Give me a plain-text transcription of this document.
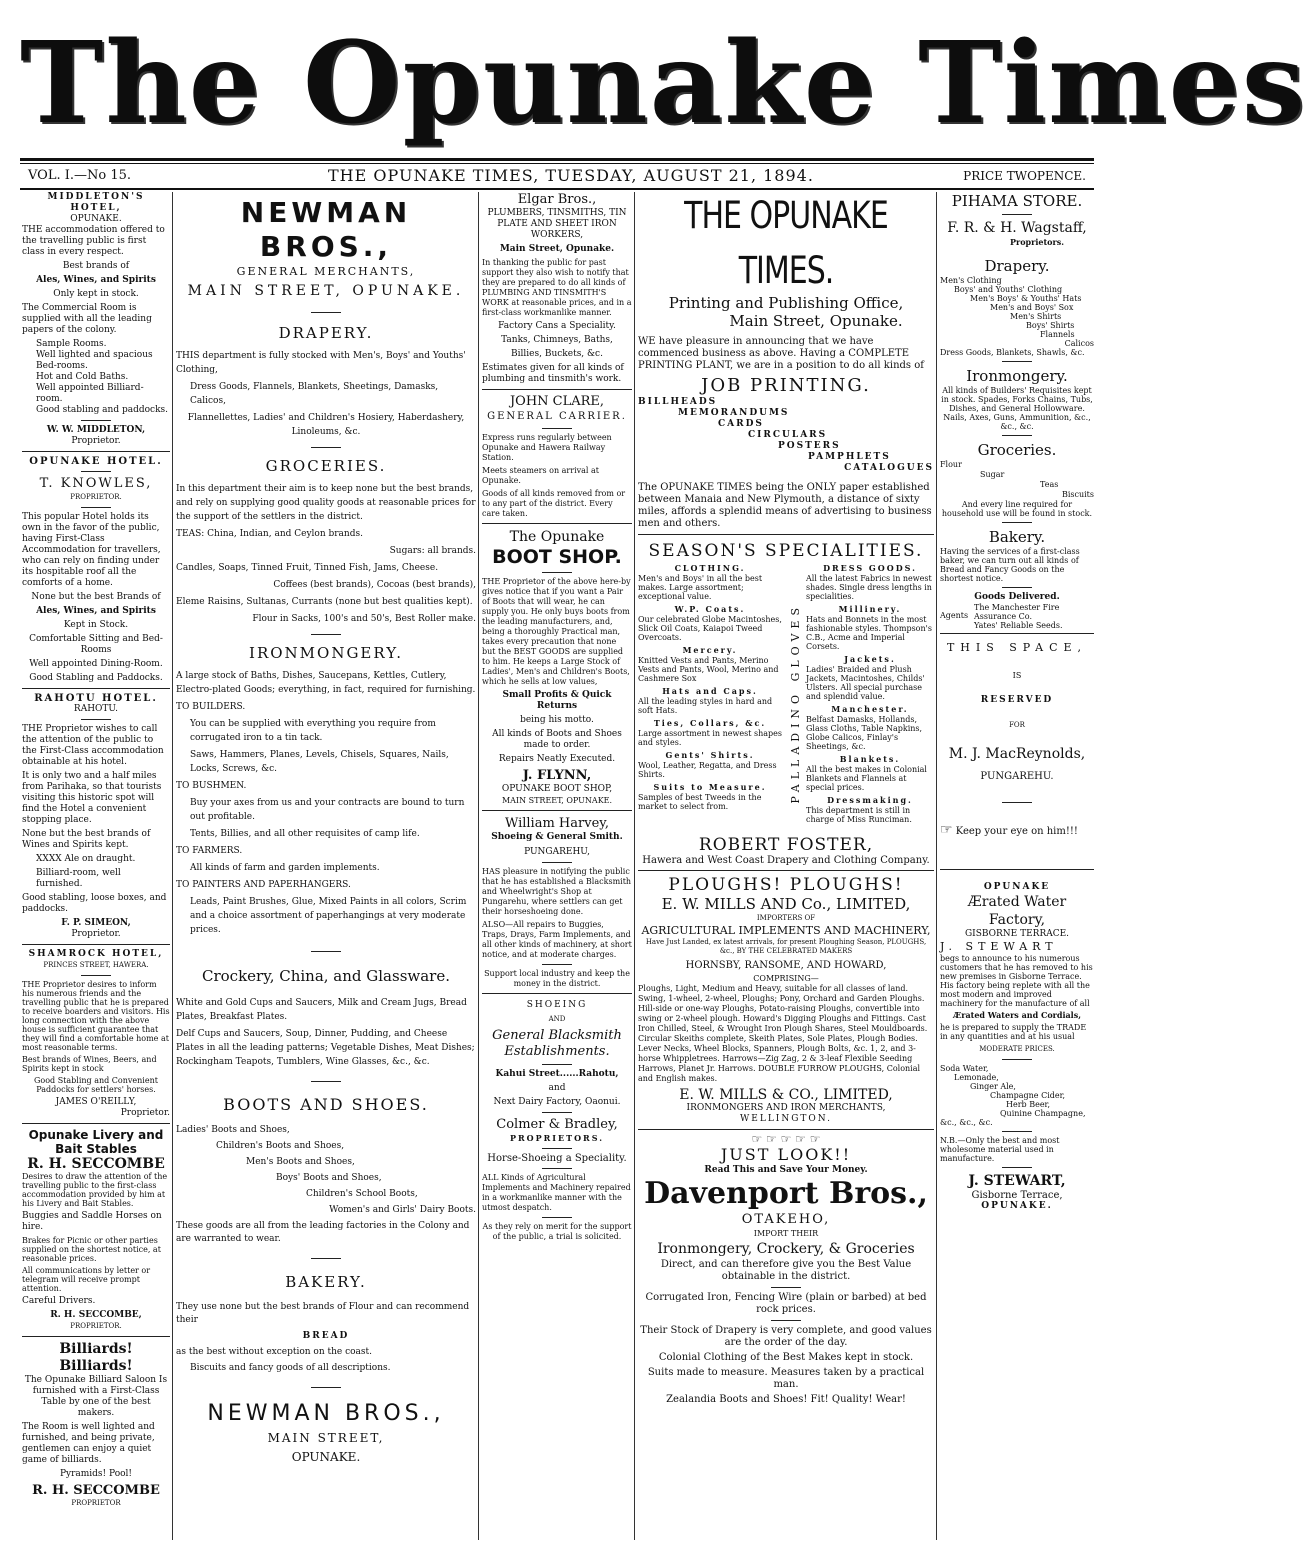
The Opunake Times
VOL. I.—No 15.	THE OPUNAKE TIMES, TUESDAY, AUGUST 21, 1894.	PRICE TWOPENCE.
MIDDLETON'S HOTEL,
OPUNAKE.

THE accommodation offered to the travelling public is first class in every respect.

Best brands of

Ales, Wines, and Spirits

Only kept in stock.

The Commercial Room is supplied with all the leading papers of the colony.

Sample Rooms.
Well lighted and spacious Bed-rooms.
Hot and Cold Baths.
Well appointed Billiard-room.
Good stabling and paddocks.
W. W. MIDDLETON,
Proprietor.
OPUNAKE HOTEL.
T. KNOWLES,
PROPRIETOR.

This popular Hotel holds its own in the favor of the public, having First-Class Accommodation for travellers, who can rely on finding under its hospitable roof all the comforts of a home.

None but the best Brands of

Ales, Wines, and Spirits

Kept in Stock.

Comfortable Sitting and Bed-Rooms

Well appointed Dining-Room.

Good Stabling and Paddocks.

RAHOTU HOTEL.
RAHOTU.

THE Proprietor wishes to call the attention of the public to the First-Class accommodation obtainable at his hotel.

It is only two and a half miles from Parihaka, so that tourists visiting this historic spot will find the Hotel a convenient stopping place.

None but the best brands of Wines and Spirits kept.

XXXX Ale on draught.

Billiard-room, well furnished.

Good stabling, loose boxes, and paddocks.

F. P. SIMEON,
Proprietor.
SHAMROCK HOTEL,
PRINCES STREET, HAWERA.

THE Proprietor desires to inform his numerous friends and the travelling public that he is prepared to receive boarders and visitors. His long connection with the above house is sufficient guarantee that they will find a comfortable home at most reasonable terms.

Best brands of Wines, Beers, and Spirits kept in stock

Good Stabling and Convenient Paddocks for settlers' horses.

JAMES O'REILLY,
Proprietor.
Opunake Livery and Bait Stables
R. H. SECCOMBE

Desires to draw the attention of the travelling public to the first-class accommodation provided by him at his Livery and Bait Stables.

Buggies and Saddle Horses on hire.

Brakes for Picnic or other parties supplied on the shortest notice, at reasonable prices.

All communications by letter or telegram will receive prompt attention.

Careful Drivers.

R. H. SECCOMBE,
PROPRIETOR.
Billiards! Billiards!

The Opunake Billiard Saloon Is furnished with a First-Class Table by one of the best makers.

The Room is well lighted and furnished, and being private, gentlemen can enjoy a quiet game of billiards.

Pyramids! Pool!

R. H. SECCOMBE
PROPRIETOR
NEWMAN BROS.,
GENERAL MERCHANTS,
MAIN STREET, OPUNAKE.
DRAPERY.

THIS department is fully stocked with Men's, Boys' and Youths' Clothing,

Dress Goods, Flannels, Blankets, Sheetings, Damasks, Calicos,

Flannellettes, Ladies' and Children's Hosiery, Haberdashery, Linoleums, &c.

GROCERIES.

In this department their aim is to keep none but the best brands, and rely on supplying good quality goods at reasonable prices for the support of the settlers in the district.

TEAS: China, Indian, and Ceylon brands.

Sugars: all brands.

Candles, Soaps, Tinned Fruit, Tinned Fish, Jams, Cheese.

Coffees (best brands), Cocoas (best brands),

Eleme Raisins, Sultanas, Currants (none but best qualities kept).

Flour in Sacks, 100's and 50's, Best Roller make.

IRONMONGERY.

A large stock of Baths, Dishes, Saucepans, Kettles, Cutlery, Electro-plated Goods; everything, in fact, required for furnishing.

TO BUILDERS.

You can be supplied with everything you require from corrugated iron to a tin tack.

Saws, Hammers, Planes, Levels, Chisels, Squares, Nails, Locks, Screws, &c.

TO BUSHMEN.

Buy your axes from us and your contracts are bound to turn out profitable.

Tents, Billies, and all other requisites of camp life.

TO FARMERS.

All kinds of farm and garden implements.

TO PAINTERS AND PAPERHANGERS.

Leads, Paint Brushes, Glue, Mixed Paints in all colors, Scrim and a choice assortment of paperhangings at very moderate prices.

Crockery, China, and Glassware.

White and Gold Cups and Saucers, Milk and Cream Jugs, Bread Plates, Breakfast Plates.

Delf Cups and Saucers, Soup, Dinner, Pudding, and Cheese Plates in all the leading patterns; Vegetable Dishes, Meat Dishes; Rockingham Teapots, Tumblers, Wine Glasses, &c., &c.

BOOTS AND SHOES.

Ladies' Boots and Shoes,

Children's Boots and Shoes,

Men's Boots and Shoes,

Boys' Boots and Shoes,

Children's School Boots,

Women's and Girls' Dairy Boots.

These goods are all from the leading factories in the Colony and are warranted to wear.

BAKERY.

They use none but the best brands of Flour and can recommend their

BREAD

as the best without exception on the coast.

Biscuits and fancy goods of all descriptions.

NEWMAN BROS.,
MAIN STREET,
OPUNAKE.
Elgar Bros.,

PLUMBERS, TINSMITHS, TIN PLATE AND SHEET IRON WORKERS,

Main Street, Opunake.

In thanking the public for past support they also wish to notify that they are prepared to do all kinds of PLUMBING AND TINSMITH'S WORK at reasonable prices, and in a first-class workmanlike manner.

Factory Cans a Speciality.

Tanks, Chimneys, Baths,

Billies, Buckets, &c.

Estimates given for all kinds of plumbing and tinsmith's work.

JOHN CLARE,
GENERAL CARRIER.

Express runs regularly between Opunake and Hawera Railway Station.

Meets steamers on arrival at Opunake.

Goods of all kinds removed from or to any part of the district. Every care taken.

The Opunake
BOOT SHOP.

THE Proprietor of the above here-by gives notice that if you want a Pair of Boots that will wear, he can supply you. He only buys boots from the leading manufacturers, and, being a thoroughly Practical man, takes every precaution that none but the BEST GOODS are supplied to him. He keeps a Large Stock of Ladies', Men's and Children's Boots, which he sells at low values,

Small Profits & Quick Returns

being his motto.

All kinds of Boots and Shoes made to order.

Repairs Neatly Executed.

J. FLYNN,
OPUNAKE BOOT SHOP,
MAIN STREET, OPUNAKE.
William Harvey,
Shoeing & General Smith.
PUNGAREHU,

HAS pleasure in notifying the public that he has established a Blacksmith and Wheelwright's Shop at Pungarehu, where settlers can get their horseshoeing done.

ALSO—All repairs to Buggies, Traps, Drays, Farm Implements, and all other kinds of machinery, at short notice, and at moderate charges.

Support local industry and keep the money in the district.

SHOEING
AND
General Blacksmith Establishments.

Kahui Street......Rahotu,

and

Next Dairy Factory, Oaonui.

Colmer & Bradley,
PROPRIETORS.

Horse-Shoeing a Speciality.

ALL Kinds of Agricultural Implements and Machinery repaired in a workmanlike manner with the utmost despatch.

As they rely on merit for the support of the public, a trial is solicited.

THE OPUNAKE TIMES.
Printing and Publishing Office,
Main Street, Opunake.

WE have pleasure in announcing that we have commenced business as above. Having a COMPLETE PRINTING PLANT, we are in a position to do all kinds of

JOB PRINTING.
BILLHEADS
MEMORANDUMS
CARDS
CIRCULARS
POSTERS
PAMPHLETS
CATALOGUES

The OPUNAKE TIMES being the ONLY paper established between Manaia and New Plymouth, a distance of sixty miles, affords a splendid means of advertising to business men and others.

SEASON'S SPECIALITIES.
CLOTHING.
Men's and Boys' in all the best makes. Large assortment; exceptional value.
W.P. Coats.
Our celebrated Globe Macintoshes, Slick Oil Coats, Kaiapoi Tweed Overcoats.
Mercery.
Knitted Vests and Pants, Merino Vests and Pants, Wool, Merino and Cashmere Sox
Hats and Caps.
All the leading styles in hard and soft Hats.
Ties, Collars, &c.
Large assortment in newest shapes and styles.
Gents' Shirts.
Wool, Leather, Regatta, and Dress Shirts.
Suits to Measure.
Samples of best Tweeds in the market to select from.
PALLADINO GLOVES
DRESS GOODS.
All the latest Fabrics in newest shades. Single dress lengths in specialities.
Millinery.
Hats and Bonnets in the most fashionable styles. Thompson's C.B., Acme and Imperial Corsets.
Jackets.
Ladies' Braided and Plush Jackets, Macintoshes, Childs' Ulsters. All special purchase and splendid value.
Manchester.
Belfast Damasks, Hollands, Glass Cloths, Table Napkins, Globe Calicos, Finlay's Sheetings, &c.
Blankets.
All the best makes in Colonial Blankets and Flannels at special prices.
Dressmaking.
This department is still in charge of Miss Runciman.
ROBERT FOSTER,
Hawera and West Coast Drapery and Clothing Company.
PLOUGHS! PLOUGHS!
E. W. MILLS AND Co., LIMITED,
IMPORTERS OF
AGRICULTURAL IMPLEMENTS AND MACHINERY,

Have Just Landed, ex latest arrivals, for present Ploughing Season, PLOUGHS, &c., BY THE CELEBRATED MAKERS

HORNSBY, RANSOME, AND HOWARD,
COMPRISING—

Ploughs, Light, Medium and Heavy, suitable for all classes of land. Swing, 1-wheel, 2-wheel, Ploughs; Pony, Orchard and Garden Ploughs. Hill-side or one-way Ploughs, Potato-raising Ploughs, convertible into swing or 2-wheel plough. Howard's Digging Ploughs and Fittings. Cast Iron Chilled, Steel, & Wrought Iron Plough Shares, Steel Mouldboards. Circular Skeiths complete, Skeith Plates, Sole Plates, Plough Bodies. Lever Necks, Wheel Blocks, Spanners, Plough Bolts, &c. 1, 2, and 3-horse Whippletrees. Harrows—Zig Zag, 2 & 3-leaf Flexible Seeding Harrows, Planet Jr. Harrows. DOUBLE FURROW PLOUGHS, Colonial and English makes.

E. W. MILLS & CO., LIMITED,
IRONMONGERS AND IRON MERCHANTS,
WELLINGTON.
☞ ☞ ☞ ☞ ☞
JUST LOOK!!
Read This and Save Your Money.
Davenport Bros.,
OTAKEHO,
IMPORT THEIR
Ironmongery, Crockery, & Groceries

Direct, and can therefore give you the Best Value obtainable in the district.

Corrugated Iron, Fencing Wire (plain or barbed) at bed rock prices.

Their Stock of Drapery is very complete, and good values are the order of the day.

Colonial Clothing of the Best Makes kept in stock.

Suits made to measure. Measures taken by a practical man.

Zealandia Boots and Shoes! Fit! Quality! Wear!

PIHAMA STORE.
F. R. & H. Wagstaff,
Proprietors.
Drapery.
Men's Clothing
Boys' and Youths' Clothing
Men's Boys' & Youths' Hats
Men's and Boys' Sox
Men's Shirts
Boys' Shirts
Flannels
Calicos
Dress Goods, Blankets, Shawls, &c.
Ironmongery.

All kinds of Builders' Requisites kept in stock. Spades, Forks Chains, Tubs, Dishes, and General Hollowware. Nails, Axes, Guns, Ammunition, &c., &c., &c.

Groceries.
Flour
Sugar
Teas
Biscuits

And every line required for household use will be found in stock.

Bakery.

Having the services of a first-class baker, we can turn out all kinds of Bread and Fancy Goods on the shortest notice.

Goods Delivered.
Agents
The Manchester Fire Assurance Co.
Yates' Reliable Seeds.
THIS SPACE,
IS
RESERVED
FOR
M. J. MacReynolds,
PUNGAREHU.
☞ Keep your eye on him!!!
OPUNAKE
Ærated Water Factory,
GISBORNE TERRACE.
J. STEWART

begs to announce to his numerous customers that he has removed to his new premises in Gisborne Terrace. His factory being replete with all the most modern and improved machinery for the manufacture of all

Ærated Waters and Cordials,

he is prepared to supply the TRADE in any quantities and at his usual

MODERATE PRICES.

Soda Water,
Lemonade,
Ginger Ale,
Champagne Cider,
Herb Beer,
Quinine Champagne,
&c., &c., &c.

N.B.—Only the best and most wholesome material used in manufacture.

J. STEWART,
Gisborne Terrace,
OPUNAKE.
